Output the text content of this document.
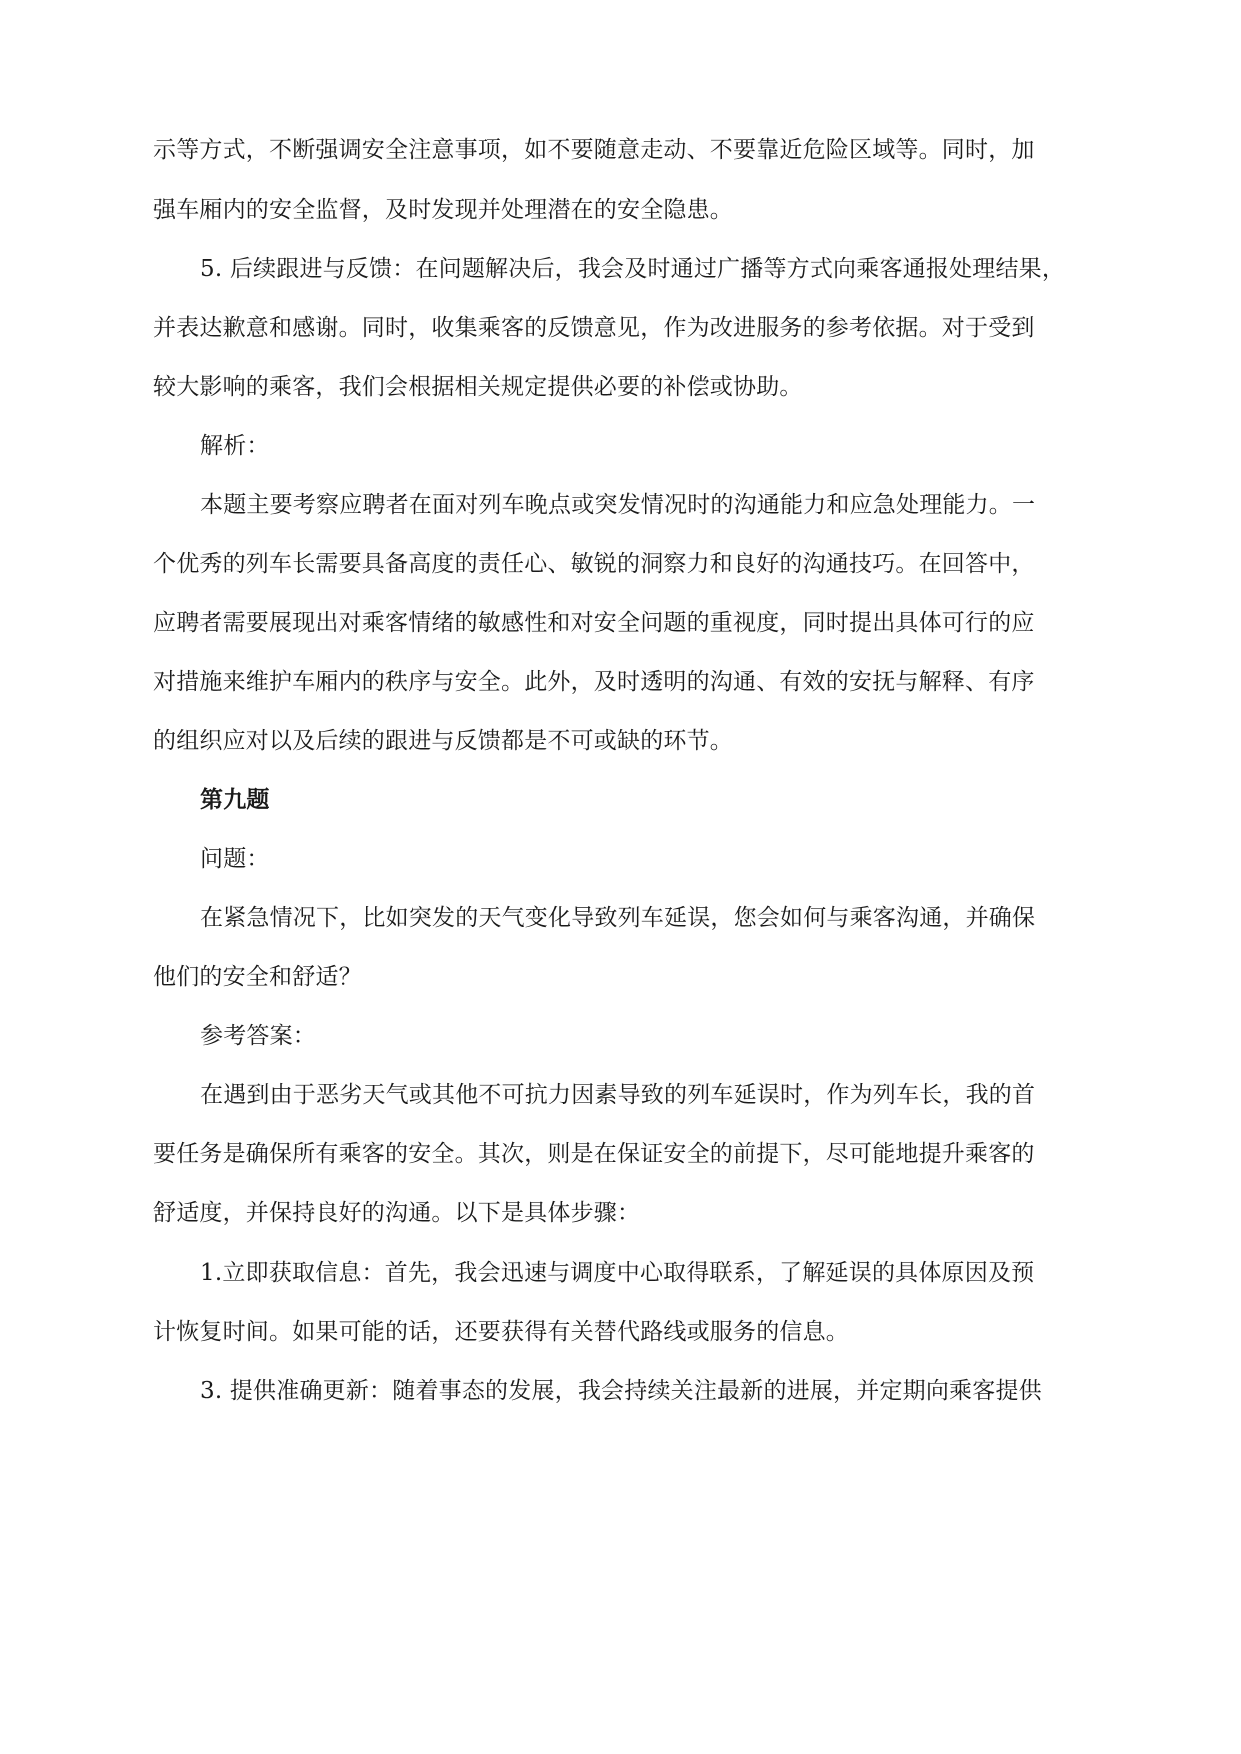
示等方式，不断强调安全注意事项，如不要随意走动、不要靠近危险区域等。同时，加
强车厢内的安全监督，及时发现并处理潜在的安全隐患。
5. 后续跟进与反馈：在问题解决后，我会及时通过广播等方式向乘客通报处理结果，
并表达歉意和感谢。同时，收集乘客的反馈意见，作为改进服务的参考依据。对于受到
较大影响的乘客，我们会根据相关规定提供必要的补偿或协助。
解析：
本题主要考察应聘者在面对列车晚点或突发情况时的沟通能力和应急处理能力。一
个优秀的列车长需要具备高度的责任心、敏锐的洞察力和良好的沟通技巧。在回答中，
应聘者需要展现出对乘客情绪的敏感性和对安全问题的重视度，同时提出具体可行的应
对措施来维护车厢内的秩序与安全。此外，及时透明的沟通、有效的安抚与解释、有序
的组织应对以及后续的跟进与反馈都是不可或缺的环节。
第九题
问题：
在紧急情况下，比如突发的天气变化导致列车延误，您会如何与乘客沟通，并确保
他们的安全和舒适？
参考答案：
在遇到由于恶劣天气或其他不可抗力因素导致的列车延误时，作为列车长，我的首
要任务是确保所有乘客的安全。其次，则是在保证安全的前提下，尽可能地提升乘客的
舒适度，并保持良好的沟通。以下是具体步骤：
1.立即获取信息：首先，我会迅速与调度中心取得联系，了解延误的具体原因及预
计恢复时间。如果可能的话，还要获得有关替代路线或服务的信息。
3. 提供准确更新：随着事态的发展，我会持续关注最新的进展，并定期向乘客提供
